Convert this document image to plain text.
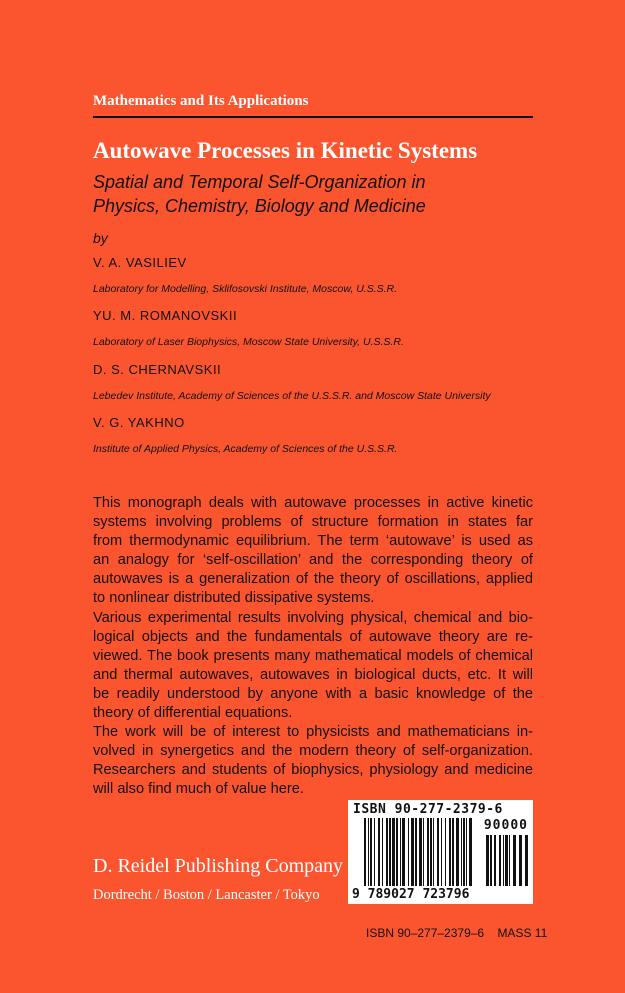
Mathematics and Its Applications
Autowave Processes in Kinetic Systems
Spatial and Temporal Self-Organization in
Physics, Chemistry, Biology and Medicine
by
V. A. VASILIEV
Laboratory for Modelling, Sklifosovski Institute, Moscow, U.S.S.R.
YU. M. ROMANOVSKII
Laboratory of Laser Biophysics, Moscow State University, U.S.S.R.
D. S. CHERNAVSKII
Lebedev Institute, Academy of Sciences of the U.S.S.R. and Moscow State University
V. G. YAKHNO
Institute of Applied Physics, Academy of Sciences of the U.S.S.R.
This monograph deals with autowave processes in active kinetic
systems involving problems of structure formation in states far
from thermodynamic equilibrium. The term ‘autowave’ is used as
an analogy for ‘self-oscillation’ and the corresponding theory of
autowaves is a generalization of the theory of oscillations, applied
to nonlinear distributed dissipative systems.
Various experimental results involving physical, chemical and bio-
logical objects and the fundamentals of autowave theory are re-
viewed. The book presents many mathematical models of chemical
and thermal autowaves, autowaves in biological ducts, etc. It will
be readily understood by anyone with a basic knowledge of the
theory of differential equations.
The work will be of interest to physicists and mathematicians in-
volved in synergetics and the modern theory of self-organization.
Researchers and students of biophysics, physiology and medicine
will also find much of value here.
ISBN 90-277-2379-6
90000
9 789027 723796
D. Reidel Publishing Company
Dordrecht / Boston / Lancaster / Tokyo
ISBN 90–277–2379–6    MASS 11
